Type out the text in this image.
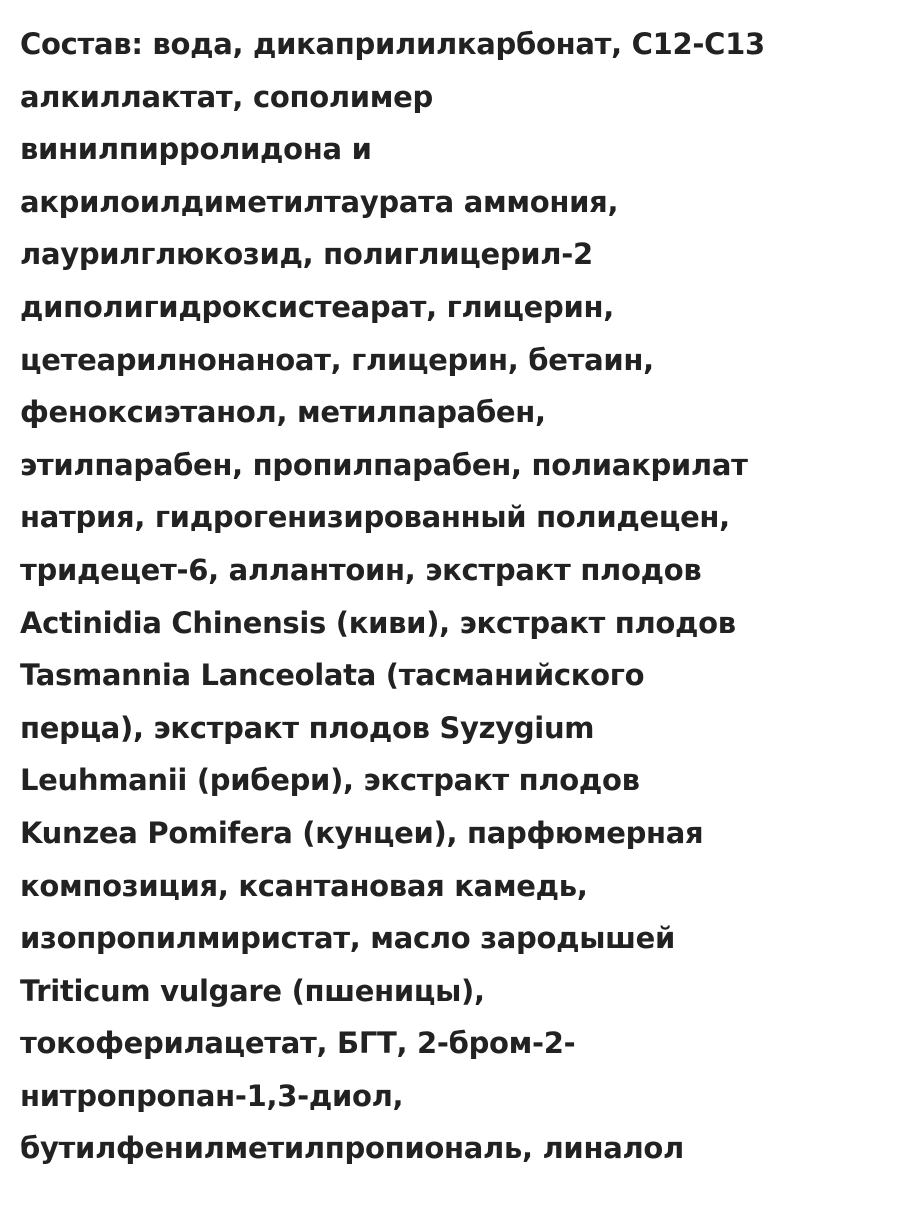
Состав: вода, дикаприлилкарбонат, С12-С13
алкиллактат, сополимер
винилпирролидона и
акрилоилдиметилтаурата аммония,
лаурилглюкозид, полиглицерил-2
диполигидроксистеарат, глицерин,
цетеарилнонаноат, глицерин, бетаин,
феноксиэтанол, метилпарабен,
этилпарабен, пропилпарабен, полиакрилат
натрия, гидрогенизированный полидецен,
тридецет-6, аллантоин, экстракт плодов
Actinidia Chinensis (киви), экстракт плодов
Tasmannia Lanceolata (тасманийского
перца), экстракт плодов Syzygium
Leuhmanii (рибери), экстракт плодов
Kunzea Pomifera (кунцеи), парфюмерная
композиция, ксантановая камедь,
изопропилмиристат, масло зародышей
Triticum vulgare (пшеницы),
токоферилацетат, БГТ, 2-бром-2-
нитропропан-1,3-диол,
бутилфенилметилпропиональ, линалол
